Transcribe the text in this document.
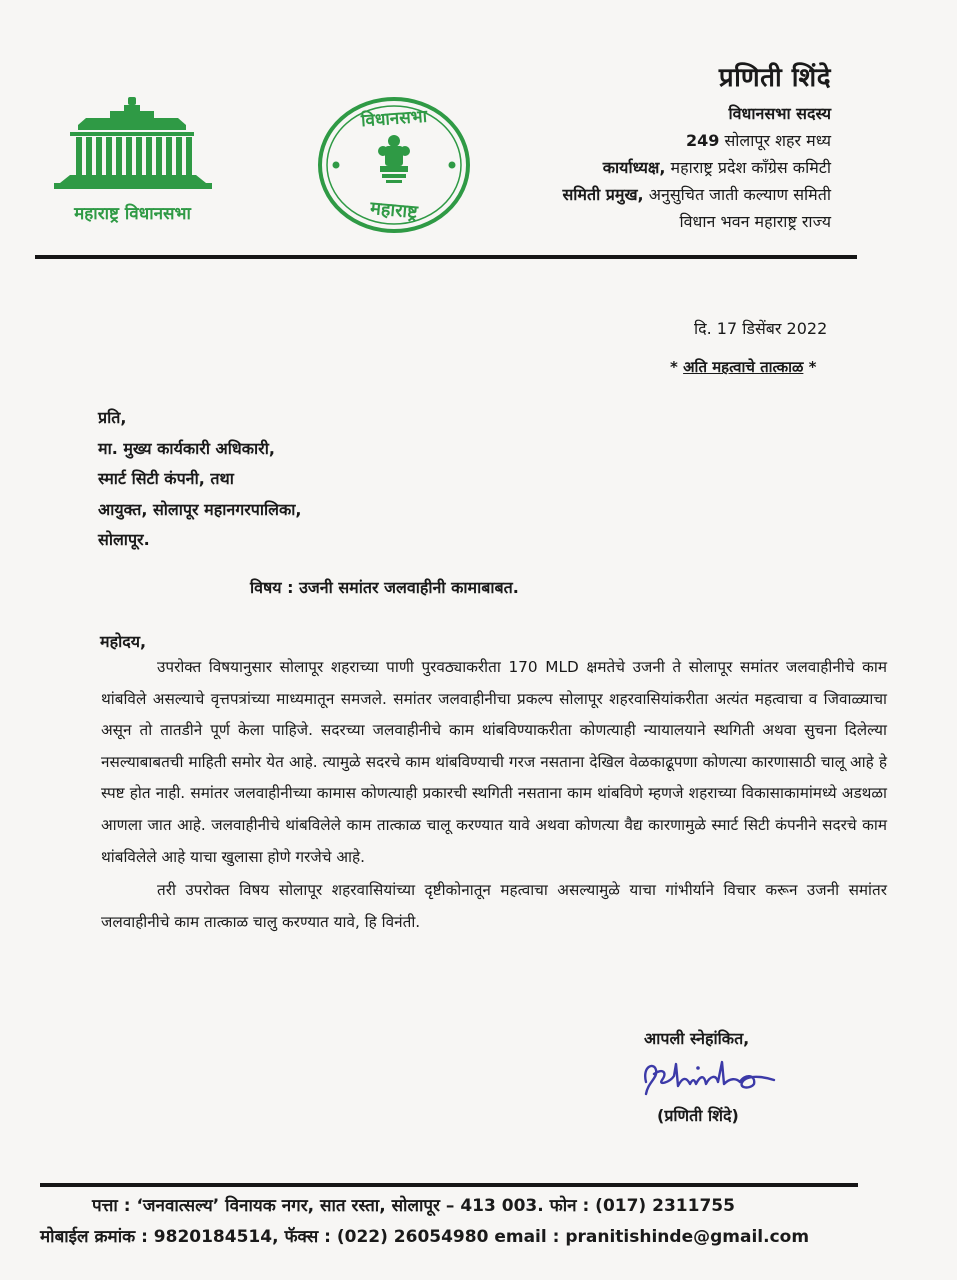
महाराष्ट्र विधानसभा
विधानसभा
महाराष्ट्र
प्रणिती शिंदे
विधानसभा सदस्य
249 सोलापूर शहर मध्य
कार्याध्यक्ष, महाराष्ट्र प्रदेश काँग्रेस कमिटी
समिती प्रमुख, अनुसुचित जाती कल्याण समिती
विधान भवन महाराष्ट्र राज्य
दि. 17 डिसेंबर 2022
* अति महत्वाचे तात्काळ *
प्रति,
मा. मुख्य कार्यकारी अधिकारी,
स्मार्ट सिटी कंपनी, तथा
आयुक्त, सोलापूर महानगरपालिका,
सोलापूर.
विषय : उजनी समांतर जलवाहीनी कामाबाबत.
महोदय,

उपरोक्त विषयानुसार सोलापूर शहराच्या पाणी पुरवठ्याकरीता 170 MLD क्षमतेचे उजनी ते सोलापूर समांतर जलवाहीनीचे काम थांबविले असल्याचे वृत्तपत्रांच्या माध्यमातून समजले. समांतर जलवाहीनीचा प्रकल्प सोलापूर शहरवासियांकरीता अत्यंत महत्वाचा व जिवाळ्याचा असून तो तातडीने पूर्ण केला पाहिजे. सदरच्या जलवाहीनीचे काम थांबविण्याकरीता कोणत्याही न्यायालयाने स्थगिती अथवा सुचना दिलेल्या नसल्याबाबतची माहिती समोर येत आहे. त्यामुळे सदरचे काम थांबविण्याची गरज नसताना देखिल वेळकाढूपणा कोणत्या कारणासाठी चालू आहे हे स्पष्ट होत नाही. समांतर जलवाहीनीच्या कामास कोणत्याही प्रकारची स्थगिती नसताना काम थांबविणे म्हणजे शहराच्या विकासाकामांमध्ये अडथळा आणला जात आहे. जलवाहीनीचे थांबविलेले काम तात्काळ चालू करण्यात यावे अथवा कोणत्या वैद्य कारणामुळे स्मार्ट सिटी कंपनीने सदरचे काम थांबविलेले आहे याचा खुलासा होणे गरजेचे आहे.

तरी उपरोक्त विषय सोलापूर शहरवासियांच्या दृष्टीकोनातून महत्वाचा असल्यामुळे याचा गांभीर्याने विचार करून उजनी समांतर जलवाहीनीचे काम तात्काळ चालु करण्यात यावे, हि विनंती.

आपली स्नेहांकित,
(प्रणिती शिंदे)
पत्ता : ‘जनवात्सल्य’ विनायक नगर, सात रस्ता, सोलापूर – 413 003. फोन : (017) 2311755
मोबाईल क्रमांक : 9820184514, फॅक्स : (022) 26054980 email : pranitishinde@gmail.com
